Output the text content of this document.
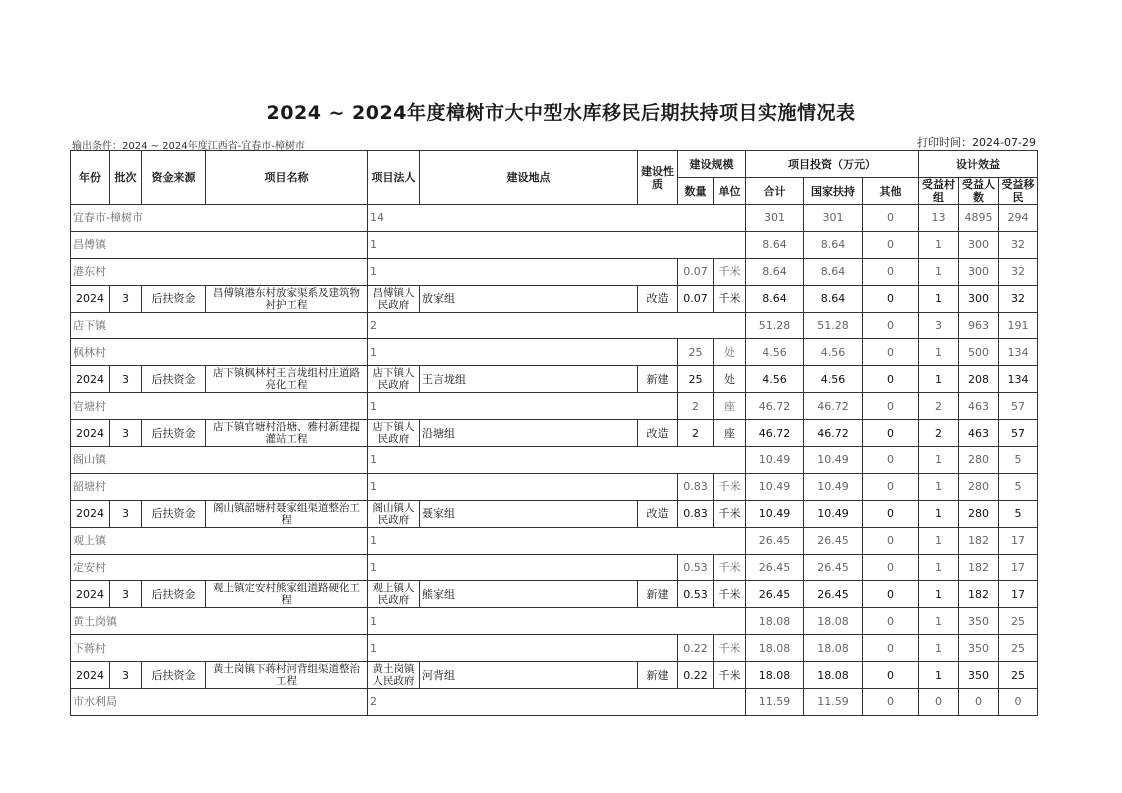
2024 ~ 2024年度樟树市大中型水库移民后期扶持项目实施情况表
输出条件：2024 ~ 2024年度江西省-宜春市-樟树市	打印时间：2024-07-29
年份	批次	资金来源	项目名称	项目法人	建设地点	建设性质	建设规模		项目投资（万元）			设计效益		
							数量	单位	合计	国家扶持	其他	受益村组	受益人数	受益移民
宜春市-樟树市				14					301	301	0	13	4895	294
昌傅镇				1					8.64	8.64	0	1	300	32
港东村				1			0.07	千米	8.64	8.64	0	1	300	32
2024	3	后扶资金	昌傅镇港东村放家渠系及建筑物衬护工程	昌傅镇人民政府	放家组	改造	0.07	千米	8.64	8.64	0	1	300	32
店下镇				2					51.28	51.28	0	3	963	191
枫林村				1			25	处	4.56	4.56	0	1	500	134
2024	3	后扶资金	店下镇枫林村王言垅组村庄道路亮化工程	店下镇人民政府	王言垅组	新建	25	处	4.56	4.56	0	1	208	134
官塘村				1			2	座	46.72	46.72	0	2	463	57
2024	3	后扶资金	店下镇官塘村沿塘、雅村新建提灌站工程	店下镇人民政府	沿塘组	改造	2	座	46.72	46.72	0	2	463	57
阁山镇				1					10.49	10.49	0	1	280	5
韶塘村				1			0.83	千米	10.49	10.49	0	1	280	5
2024	3	后扶资金	阁山镇韶塘村聂家组渠道整治工程	阁山镇人民政府	聂家组	改造	0.83	千米	10.49	10.49	0	1	280	5
观上镇				1					26.45	26.45	0	1	182	17
定安村				1			0.53	千米	26.45	26.45	0	1	182	17
2024	3	后扶资金	观上镇定安村熊家组道路硬化工程	观上镇人民政府	熊家组	新建	0.53	千米	26.45	26.45	0	1	182	17
黄土岗镇				1					18.08	18.08	0	1	350	25
下蒋村				1			0.22	千米	18.08	18.08	0	1	350	25
2024	3	后扶资金	黄土岗镇下蒋村河背组渠道整治工程	黄土岗镇人民政府	河背组	新建	0.22	千米	18.08	18.08	0	1	350	25
市水利局				2					11.59	11.59	0	0	0	0
